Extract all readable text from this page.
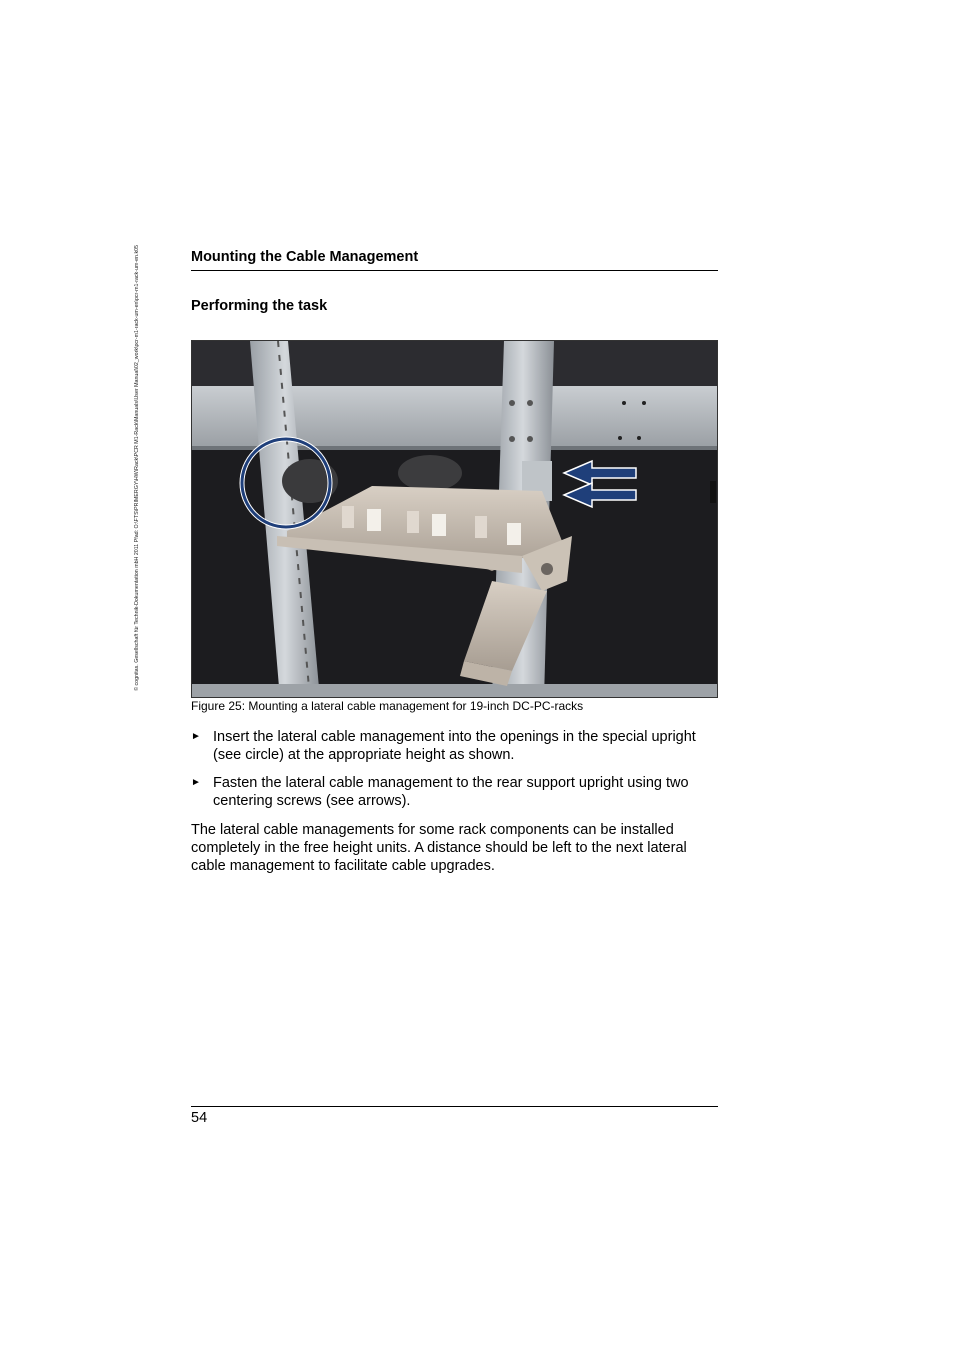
© cognitas. Gesellschaft für Technik-Dokumentation mbH 2011 Pfad: O:\FTS\PRIMERGY\HW\Rack\PCR M1-Rack\Manuals\User Manual\02_work\pcr-m1-rack-um-en\pcr-m1-rack-um-en.k05	Mounting the Cable Management
Performing the task
Figure 25: Mounting a lateral cable management for 19-inch DC-PC-racks
► Insert the lateral cable management into the openings in the special upright (see circle) at the appropriate height as shown.
► Fasten the lateral cable management to the rear support upright using two centering screws (see arrows).
The lateral cable managements for some rack components can be installed completely in the free height units. A distance should be left to the next lateral cable management to facilitate cable upgrades.
54
